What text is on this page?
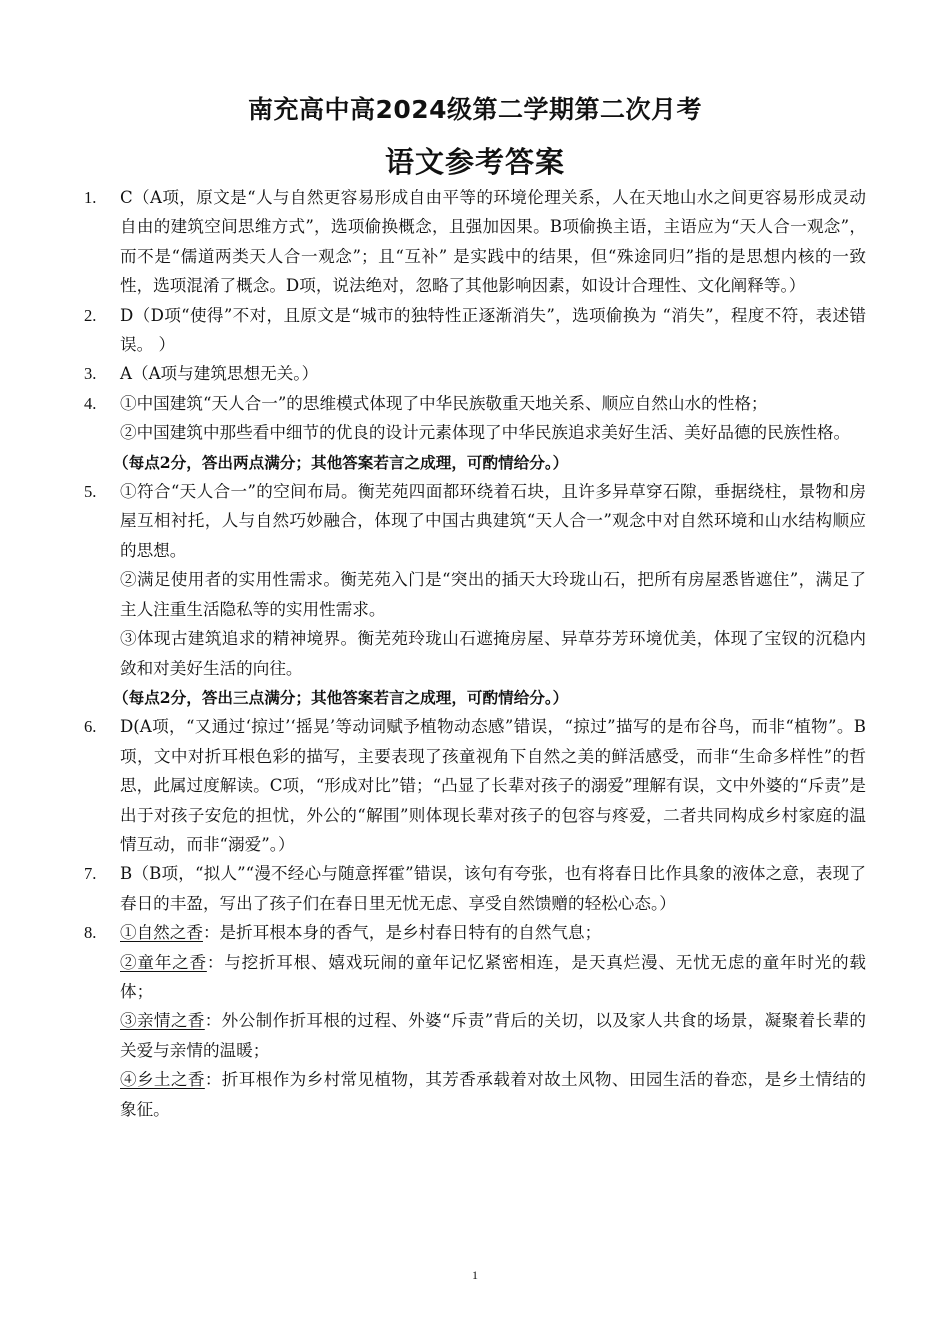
南充高中高2024级第二学期第二次月考
语文参考答案
1.	C（A项，原文是“人与自然更容易形成自由平等的环境伦理关系，人在天地山水之间更容易形成灵动自由的建筑空间思维方式”，选项偷换概念，且强加因果。B项偷换主语，主语应为“天人合一观念”，而不是“儒道两类天人合一观念”；且“互补” 是实践中的结果，但“殊途同归”指的是思想内核的一致性，选项混淆了概念。D项，说法绝对，忽略了其他影响因素，如设计合理性、文化阐释等。）
2.	D（D项“使得”不对，且原文是“城市的独特性正逐渐消失”，选项偷换为 “消失”，程度不符，表述错误。 ）
3.	A（A项与建筑思想无关。）
4.	①中国建筑“天人合一”的思维模式体现了中华民族敬重天地关系、顺应自然山水的性格；
②中国建筑中那些看中细节的优良的设计元素体现了中华民族追求美好生活、美好品德的民族性格。
（每点2分，答出两点满分；其他答案若言之成理，可酌情给分。）
5.	①符合“天人合一”的空间布局。衡芜苑四面都环绕着石块，且许多异草穿石隙，垂据绕柱，景物和房屋互相衬托，人与自然巧妙融合，体现了中国古典建筑“天人合一”观念中对自然环境和山水结构顺应的思想。
②满足使用者的实用性需求。衡芜苑入门是“突出的插天大玲珑山石，把所有房屋悉皆遮住”，满足了主人注重生活隐私等的实用性需求。
③体现古建筑追求的精神境界。衡芜苑玲珑山石遮掩房屋、异草芬芳环境优美，体现了宝钗的沉稳内敛和对美好生活的向往。
（每点2分，答出三点满分；其他答案若言之成理，可酌情给分。）
6.	D(A项，“又通过‘掠过’‘摇晃’等动词赋予植物动态感”错误，“掠过”描写的是布谷鸟，而非“植物”。B项，文中对折耳根色彩的描写，主要表现了孩童视角下自然之美的鲜活感受，而非“生命多样性”的哲思，此属过度解读。C项，“形成对比”错；“凸显了长辈对孩子的溺爱”理解有误，文中外婆的“斥责”是出于对孩子安危的担忧，外公的“解围”则体现长辈对孩子的包容与疼爱，二者共同构成乡村家庭的温情互动，而非“溺爱”。）
7.	B（B项，“拟人”“漫不经心与随意挥霍”错误，该句有夸张，也有将春日比作具象的液体之意，表现了春日的丰盈，写出了孩子们在春日里无忧无虑、享受自然馈赠的轻松心态。）
8.	①自然之香：是折耳根本身的香气，是乡村春日特有的自然气息；
②童年之香：与挖折耳根、嬉戏玩闹的童年记忆紧密相连，是天真烂漫、无忧无虑的童年时光的载体；
③亲情之香：外公制作折耳根的过程、外婆“斥责”背后的关切，以及家人共食的场景，凝聚着长辈的关爱与亲情的温暖；
④乡土之香：折耳根作为乡村常见植物，其芳香承载着对故土风物、田园生活的眷恋，是乡土情结的象征。
1
